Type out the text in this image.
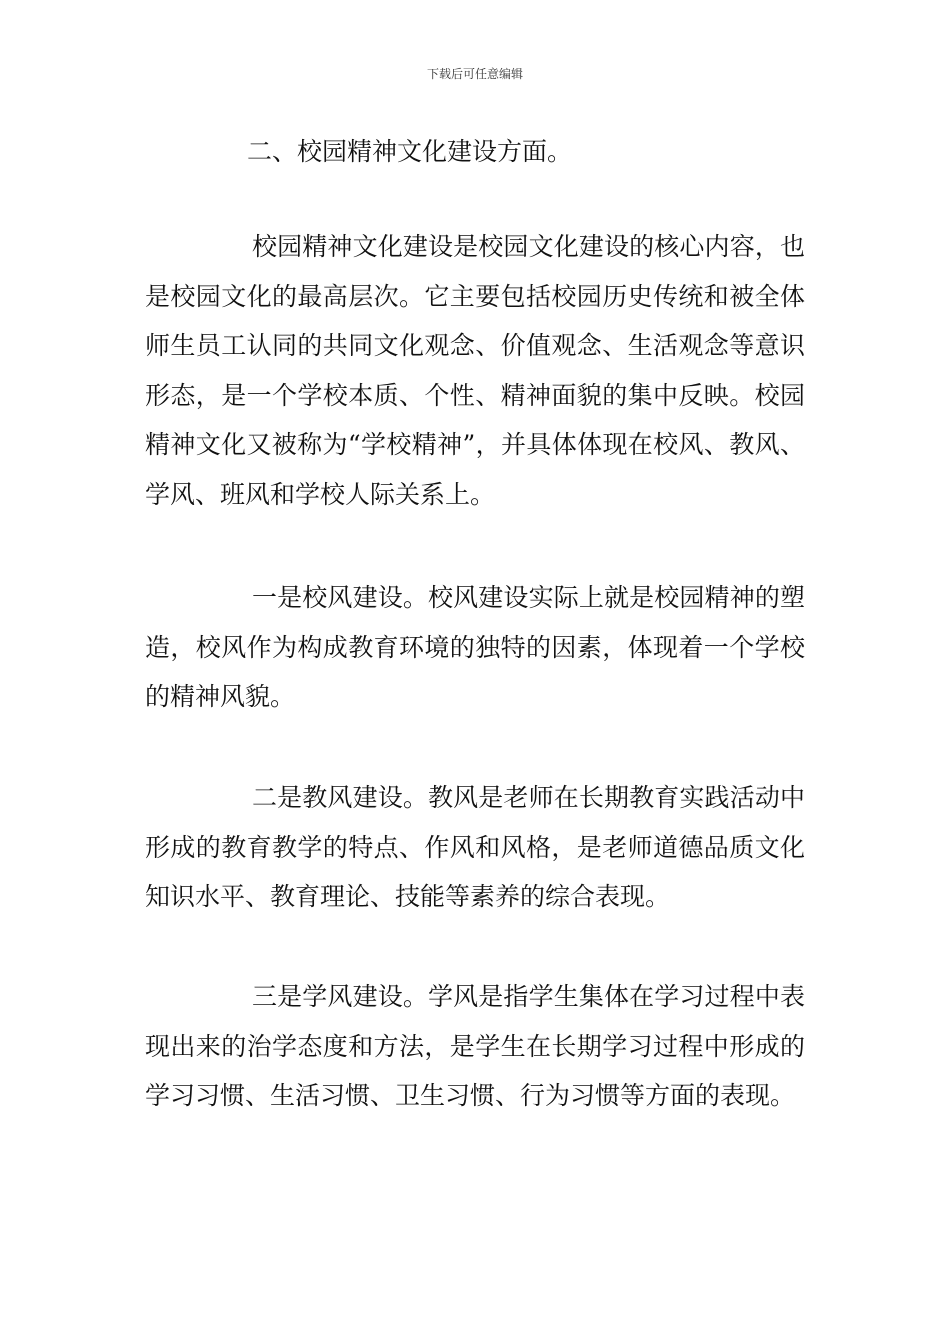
下载后可任意编辑
二、校园精神文化建设方面。

校园精神文化建设是校园文化建设的核心内容，也是校园文化的最高层次。它主要包括校园历史传统和被全体师生员工认同的共同文化观念、价值观念、生活观念等意识形态，是一个学校本质、个性、精神面貌的集中反映。校园精神文化又被称为“学校精神”，并具体体现在校风、教风、学风、班风和学校人际关系上。

一是校风建设。校风建设实际上就是校园精神的塑造，校风作为构成教育环境的独特的因素，体现着一个学校的精神风貌。

二是教风建设。教风是老师在长期教育实践活动中形成的教育教学的特点、作风和风格，是老师道德品质文化知识水平、教育理论、技能等素养的综合表现。

三是学风建设。学风是指学生集体在学习过程中表现出来的治学态度和方法，是学生在长期学习过程中形成的学习习惯、生活习惯、卫生习惯、行为习惯等方面的表现。
